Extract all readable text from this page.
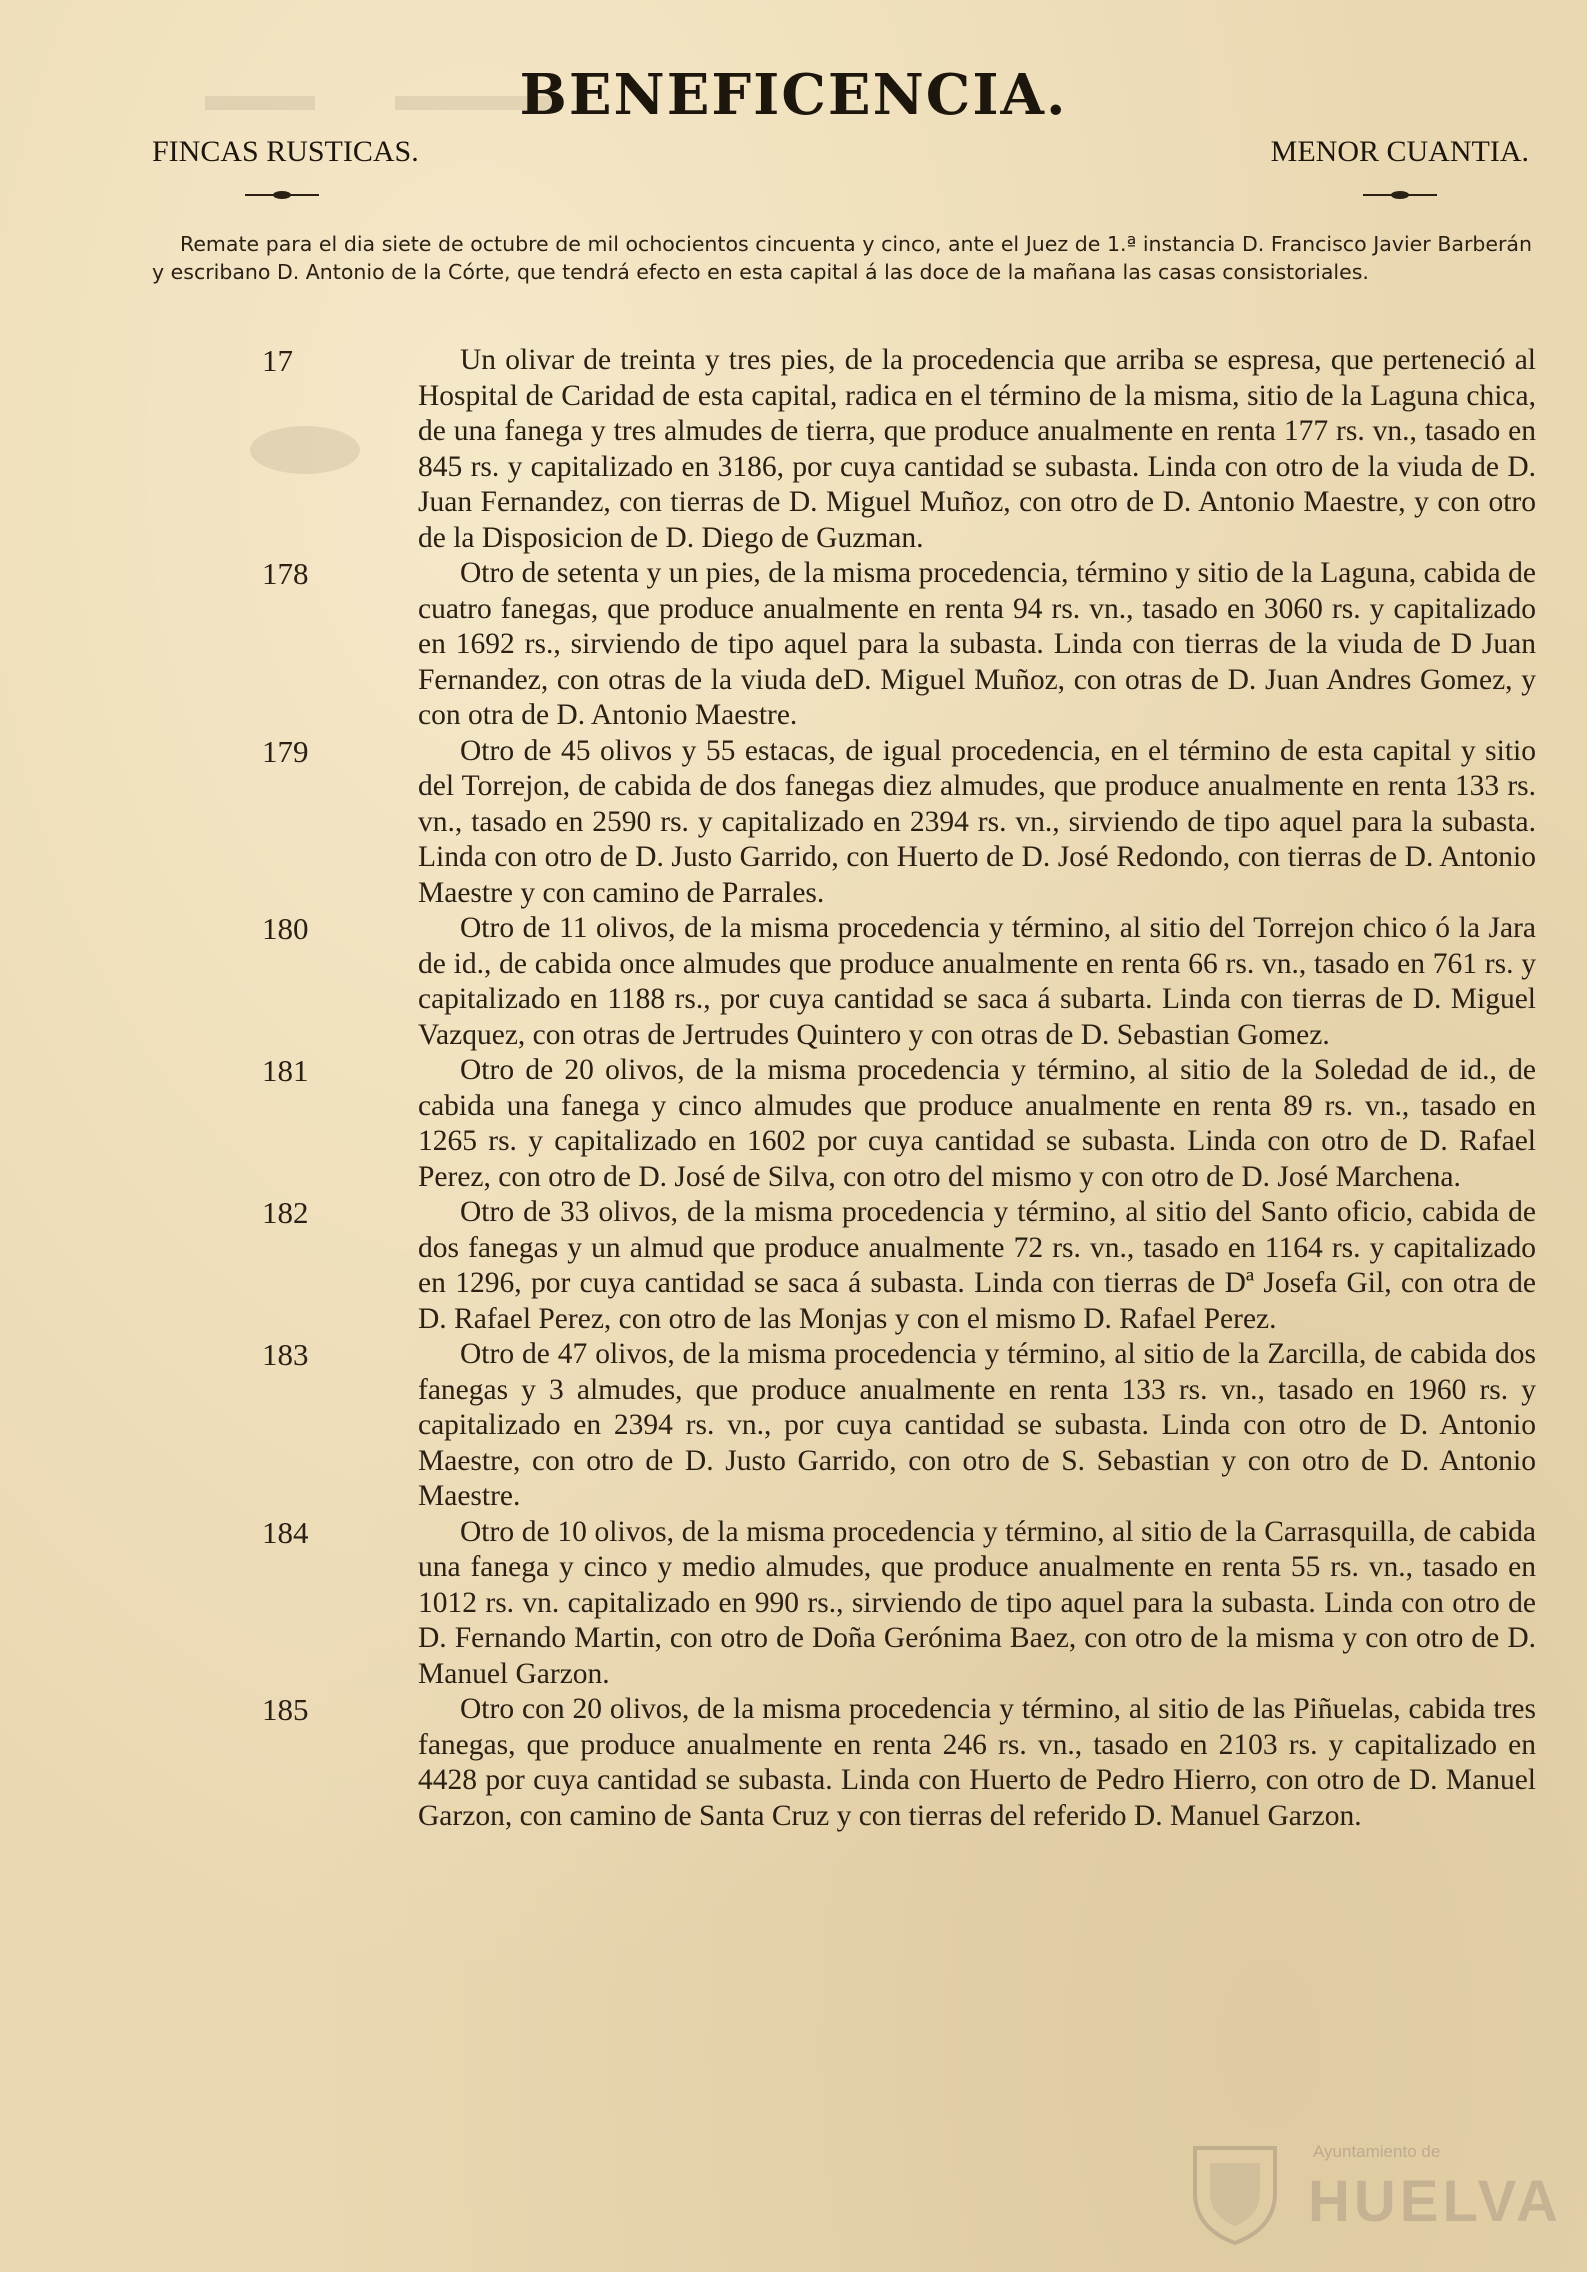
BENEFICENCIA.
FINCAS RUSTICAS.	MENOR CUANTIA.
Remate para el dia siete de octubre de mil ochocientos cincuenta y cinco, ante el Juez de 1.ª instancia D. Francisco Javier Barberán y escribano D. Antonio de la Córte, que tendrá efecto en esta capital á las doce de la mañana las casas consistoriales.
17	Un olivar de treinta y tres pies, de la procedencia que arriba se espresa, que perteneció al Hospital de Caridad de esta capital, radica en el término de la misma, sitio de la Laguna chica, de una fanega y tres almudes de tierra, que produce anualmente en renta 177 rs. vn., tasado en 845 rs. y capitalizado en 3186, por cuya cantidad se subasta. Linda con otro de la viuda de D. Juan Fernandez, con tierras de D. Miguel Muñoz, con otro de D. Antonio Maestre, y con otro de la Disposicion de D. Diego de Guzman.
178	Otro de setenta y un pies, de la misma procedencia, término y sitio de la Laguna, cabida de cuatro fanegas, que produce anualmente en renta 94 rs. vn., tasado en 3060 rs. y capitalizado en 1692 rs., sirviendo de tipo aquel para la subasta. Linda con tierras de la viuda de D Juan Fernandez, con otras de la viuda deD. Miguel Muñoz, con otras de D. Juan Andres Gomez, y con otra de D. Antonio Maestre.
179	Otro de 45 olivos y 55 estacas, de igual procedencia, en el término de esta capital y sitio del Torrejon, de cabida de dos fanegas diez almudes, que produce anualmente en renta 133 rs. vn., tasado en 2590 rs. y capitalizado en 2394 rs. vn., sirviendo de tipo aquel para la subasta. Linda con otro de D. Justo Garrido, con Huerto de D. José Redondo, con tierras de D. Antonio Maestre y con camino de Parrales.
180	Otro de 11 olivos, de la misma procedencia y término, al sitio del Torrejon chico ó la Jara de id., de cabida once almudes que produce anualmente en renta 66 rs. vn., tasado en 761 rs. y capitalizado en 1188 rs., por cuya cantidad se saca á subarta. Linda con tierras de D. Miguel Vazquez, con otras de Jertrudes Quintero y con otras de D. Sebastian Gomez.
181	Otro de 20 olivos, de la misma procedencia y término, al sitio de la Soledad de id., de cabida una fanega y cinco almudes que produce anualmente en renta 89 rs. vn., tasado en 1265 rs. y capitalizado en 1602 por cuya cantidad se subasta. Linda con otro de D. Rafael Perez, con otro de D. José de Silva, con otro del mismo y con otro de D. José Marchena.
182	Otro de 33 olivos, de la misma procedencia y término, al sitio del Santo oficio, cabida de dos fanegas y un almud que produce anualmente 72 rs. vn., tasado en 1164 rs. y capitalizado en 1296, por cuya cantidad se saca á subasta. Linda con tierras de Dª Josefa Gil, con otra de D. Rafael Perez, con otro de las Monjas y con el mismo D. Rafael Perez.
183	Otro de 47 olivos, de la misma procedencia y término, al sitio de la Zarcilla, de cabida dos fanegas y 3 almudes, que produce anualmente en renta 133 rs. vn., tasado en 1960 rs. y capitalizado en 2394 rs. vn., por cuya cantidad se subasta. Linda con otro de D. Antonio Maestre, con otro de D. Justo Garrido, con otro de S. Sebastian y con otro de D. Antonio Maestre.
184	Otro de 10 olivos, de la misma procedencia y término, al sitio de la Carrasquilla, de cabida una fanega y cinco y medio almudes, que produce anualmente en renta 55 rs. vn., tasado en 1012 rs. vn. capitalizado en 990 rs., sirviendo de tipo aquel para la subasta. Linda con otro de D. Fernando Martin, con otro de Doña Gerónima Baez, con otro de la misma y con otro de D. Manuel Garzon.
185	Otro con 20 olivos, de la misma procedencia y término, al sitio de las Piñuelas, cabida tres fanegas, que produce anualmente en renta 246 rs. vn., tasado en 2103 rs. y capitalizado en 4428 por cuya cantidad se subasta. Linda con Huerto de Pedro Hierro, con otro de D. Manuel Garzon, con camino de Santa Cruz y con tierras del referido D. Manuel Garzon.
Ayuntamiento de
HUELVA
